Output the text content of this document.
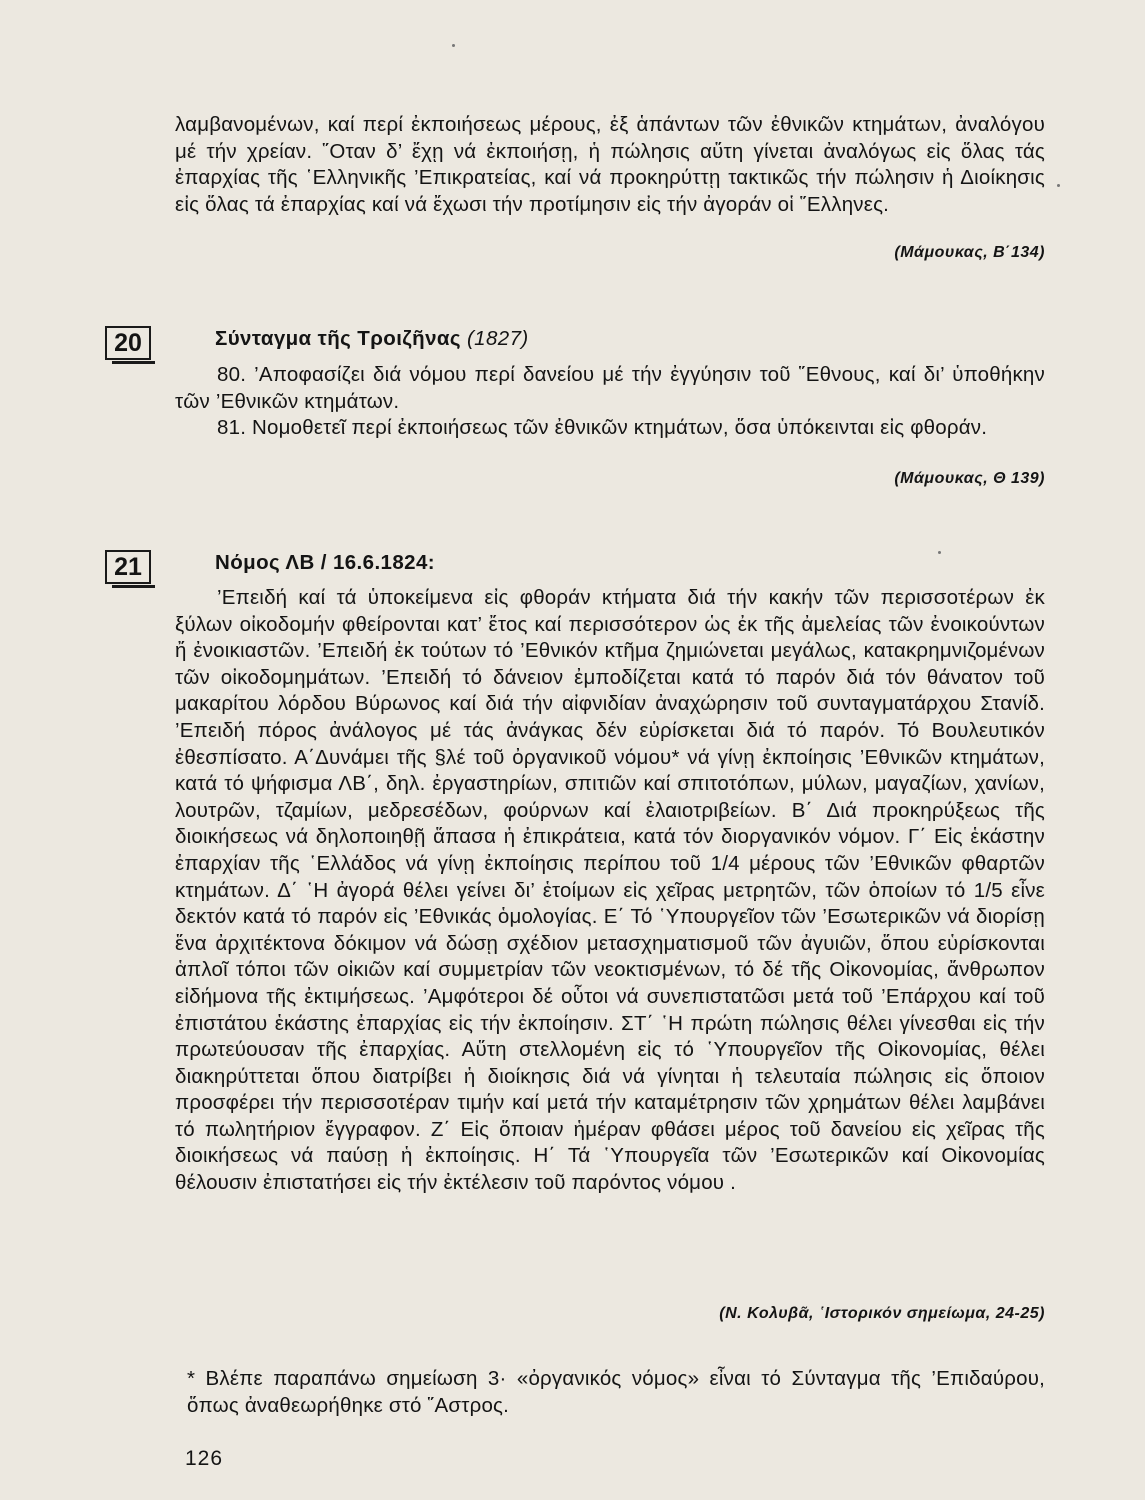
λαμβανομένων, καί περί ἐκποιήσεως μέρους, ἐξ ἁπάντων τῶν ἐθνικῶν κτημάτων, ἀναλόγου μέ τήν χρείαν. ῞Οταν δ’ ἔχῃ νά ἐκποιήσῃ, ἡ πώλησις αὕτη γίνεται ἀναλόγως εἰς ὅλας τάς ἐπαρχίας τῆς ῾Ελληνικῆς ’Επικρατείας, καί νά προκηρύττῃ τακτικῶς τήν πώλησιν ἡ Διοίκησις εἰς ὅλας τά ἐπαρχίας καί νά ἔχωσι τήν προτίμησιν εἰς τήν ἀγοράν οἱ ῞Ελληνες.

(Μάμουκας, Β΄134)
20	Σύνταγμα τῆς Τροιζῆνας (1827)

80. ’Αποφασίζει διά νόμου περί δανείου μέ τήν ἐγγύησιν τοῦ ῞Εθνους, καί δι’ ὑποθήκην τῶν ’Εθνικῶν κτημάτων.

81. Νομοθετεῖ περί ἐκποιήσεως τῶν ἐθνικῶν κτημάτων, ὅσα ὑπόκεινται εἰς φθοράν.

(Μάμουκας, Θ 139)
21	Νόμος ΛΒ / 16.6.1824:

’Επειδή καί τά ὑποκείμενα εἰς φθοράν κτήματα διά τήν κακήν τῶν περισσοτέρων ἐκ ξύλων οἰκοδομήν φθείρονται κατ’ ἔτος καί περισσότερον ὡς ἐκ τῆς ἀμελείας τῶν ἐνοικούντων ἤ ἐνοικιαστῶν. ’Επειδή ἐκ τούτων τό ’Εθνικόν κτῆμα ζημιώνεται μεγάλως, κατακρημνιζομένων τῶν οἰκοδομημάτων. ’Επειδή τό δάνειον ἐμποδίζεται κατά τό παρόν διά τόν θάνατον τοῦ μακαρίτου λόρδου Βύρωνος καί διά τήν αἰφνιδίαν ἀναχώρησιν τοῦ συνταγματάρχου Στανίδ. ’Επειδή πόρος ἀνάλογος μέ τάς ἀνάγκας δέν εὑρίσκεται διά τό παρόν. Τό Βουλευτικόν ἐθεσπίσατο. Α΄Δυνάμει τῆς §λέ τοῦ ὀργανικοῦ νόμου* νά γίνῃ ἐκποίησις ’Εθνικῶν κτημάτων, κατά τό ψήφισμα ΛΒ΄, δηλ. ἐργαστηρίων, σπιτιῶν καί σπιτοτόπων, μύλων, μαγαζίων, χανίων, λουτρῶν, τζαμίων, μεδρεσέδων, φούρνων καί ἐλαιοτριβείων. Β΄ Διά προκηρύξεως τῆς διοικήσεως νά δηλοποιηθῇ ἅπασα ἡ ἐπικράτεια, κατά τόν διοργανικόν νόμον. Γ΄ Εἰς ἑκάστην ἐπαρχίαν τῆς ῾Ελλάδος νά γίνῃ ἐκποίησις περίπου τοῦ 1/4 μέρους τῶν ’Εθνικῶν φθαρτῶν κτημάτων. Δ΄ ῾Η ἀγορά θέλει γείνει δι’ ἑτοίμων εἰς χεῖρας μετρητῶν, τῶν ὁποίων τό 1/5 εἶνε δεκτόν κατά τό παρόν εἰς ’Εθνικάς ὁμολογίας. Ε΄ Τό ῾Υπουργεῖον τῶν ’Εσωτερικῶν νά διορίσῃ ἕνα ἀρχιτέκτονα δόκιμον νά δώσῃ σχέδιον μετασχηματισμοῦ τῶν ἀγυιῶν, ὅπου εὑρίσκονται ἁπλοῖ τόποι τῶν οἰκιῶν καί συμμετρίαν τῶν νεοκτισμένων, τό δέ τῆς Οἰκονομίας, ἄνθρωπον εἰδήμονα τῆς ἐκτιμήσεως. ’Αμφότεροι δέ οὗτοι νά συνεπιστατῶσι μετά τοῦ ’Επάρχου καί τοῦ ἐπιστάτου ἑκάστης ἐπαρχίας εἰς τήν ἐκποίησιν. ΣΤ΄ ῾Η πρώτη πώλησις θέλει γίνεσθαι εἰς τήν πρωτεύουσαν τῆς ἐπαρχίας. Αὕτη στελλομένη εἰς τό ῾Υπουργεῖον τῆς Οἰκονομίας, θέλει διακηρύττεται ὅπου διατρίβει ἡ διοίκησις διά νά γίνηται ἡ τελευταία πώλησις εἰς ὅποιον προσφέρει τήν περισσοτέραν τιμήν καί μετά τήν καταμέτρησιν τῶν χρημάτων θέλει λαμβάνει τό πωλητήριον ἔγγραφον. Ζ΄ Εἰς ὅποιαν ἡμέραν φθάσει μέρος τοῦ δανείου εἰς χεῖρας τῆς διοικήσεως νά παύσῃ ἡ ἐκποίησις. Η΄ Τά ῾Υπουργεῖα τῶν ’Εσωτερικῶν καί Οἰκονομίας θέλουσιν ἐπιστατήσει εἰς τήν ἐκτέλεσιν τοῦ παρόντος νόμου .

(Ν. Κολυβᾶ, ῾Ιστορικόν σημείωμα, 24-25)

* Βλέπε παραπάνω σημείωση 3· «ὀργανικός νόμος» εἶναι τό Σύνταγμα τῆς ’Επιδαύρου, ὅπως ἀναθεωρήθηκε στό ῞Αστρος.

126
